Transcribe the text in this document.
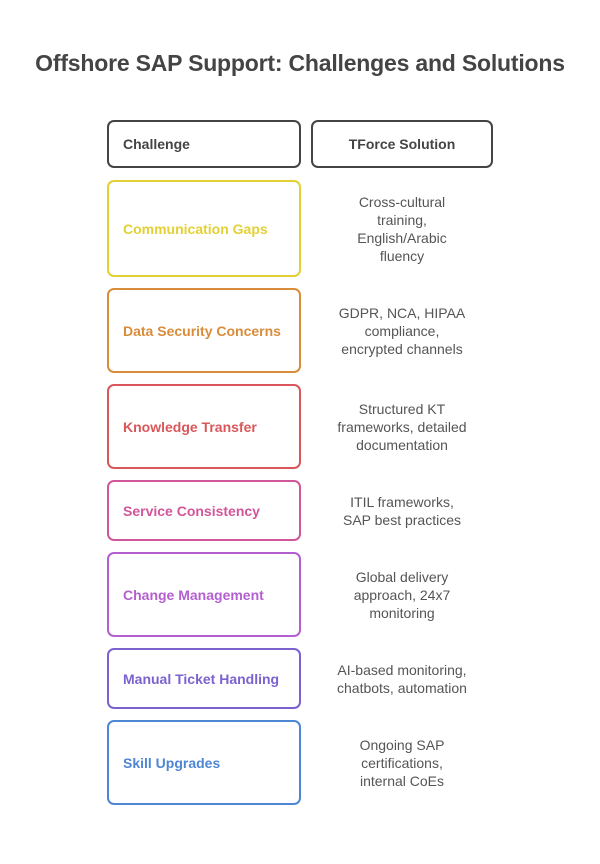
Offshore SAP Support: Challenges and Solutions
Challenge	TForce Solution
Communication Gaps
Cross-cultural
training,
English/Arabic
fluency
Data Security Concerns
GDPR, NCA, HIPAA
compliance,
encrypted channels
Knowledge Transfer
Structured KT
frameworks, detailed
documentation
Service Consistency
ITIL frameworks,
SAP best practices
Change Management
Global delivery
approach, 24x7
monitoring
Manual Ticket Handling
AI-based monitoring,
chatbots, automation
Skill Upgrades
Ongoing SAP
certifications,
internal CoEs
